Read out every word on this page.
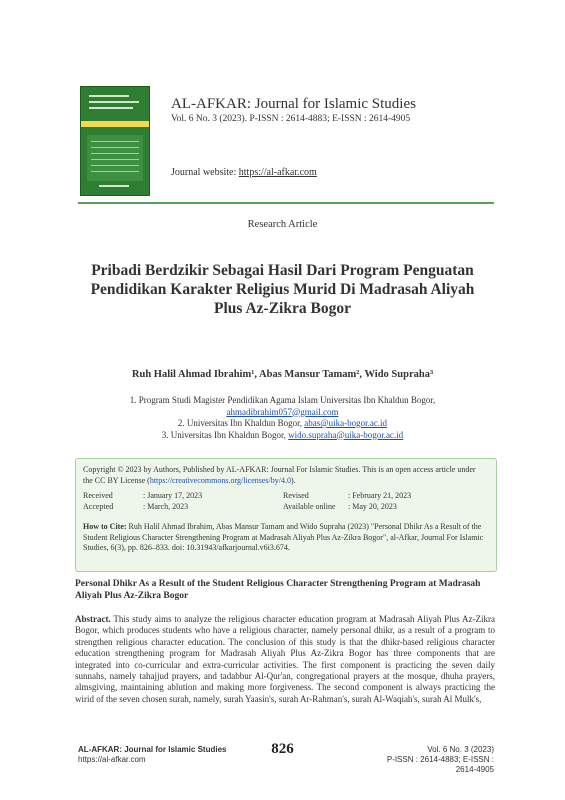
AL-AFKAR: Journal for Islamic Studies
Vol. 6 No. 3 (2023). P-ISSN : 2614-4883; E-ISSN : 2614-4905
Journal website: https://al-afkar.com
Research Article
Pribadi Berdzikir Sebagai Hasil Dari Program Penguatan
Pendidikan Karakter Religius Murid Di Madrasah Aliyah
Plus Az-Zikra Bogor
Ruh Halil Ahmad Ibrahim¹, Abas Mansur Tamam², Wido Supraha³
1. Program Studi Magister Pendidikan Agama Islam Universitas Ibn Khaldun Bogor,
ahmadibrahim057@gmail.com
2. Universitas Ibn Khaldun Bogor, abas@uika-bogor.ac.id
3. Universitas Ibn Khaldun Bogor, wido.supraha@uika-bogor.ac.id
Copyright © 2023 by Authors, Published by AL-AFKAR: Journal For Islamic Studies. This is an open access article under the CC BY License (https://creativecommons.org/licenses/by/4.0).
Received	: January 17, 2023	Revised	: February 21, 2023
Accepted	: March, 2023	Available online : May 20, 2023
How to Cite: Ruh Halil Ahmad Ibrahim, Abas Mansur Tamam and Wido Supraha (2023) "Personal Dhikr As a Result of the Student Religious Character Strengthening Program at Madrasah Aliyah Plus Az-Zikra Bogor", al-Afkar, Journal For Islamic Studies, 6(3), pp. 826–833. doi: 10.31943/afkarjournal.v6i3.674.
Personal Dhikr As a Result of the Student Religious Character Strengthening Program at Madrasah Aliyah Plus Az-Zikra Bogor
Abstract. This study aims to analyze the religious character education program at Madrasah Aliyah Plus Az-Zikra Bogor, which produces students who have a religious character, namely personal dhikr, as a result of a program to strengthen religious character education. The conclusion of this study is that the dhikr-based religious character education strengthening program for Madrasah Aliyah Plus Az-Zikra Bogor has three components that are integrated into co-curricular and extra-curricular activities. The first component is practicing the seven daily sunnahs, namely tahajjud prayers, and tadabbur Al-Qur'an, congregational prayers at the mosque, dhuha prayers, almsgiving, maintaining ablution and making more forgiveness. The second component is always practicing the wirid of the seven chosen surah, namely, surah Yaasin's, surah Ar-Rahman's, surah Al-Waqiah's, surah Al Mulk's,
AL-AFKAR: Journal for Islamic Studies
https://al-afkar.com
826	Vol. 6 No. 3 (2023)
P-ISSN : 2614-4883; E-ISSN : 2614-4905
